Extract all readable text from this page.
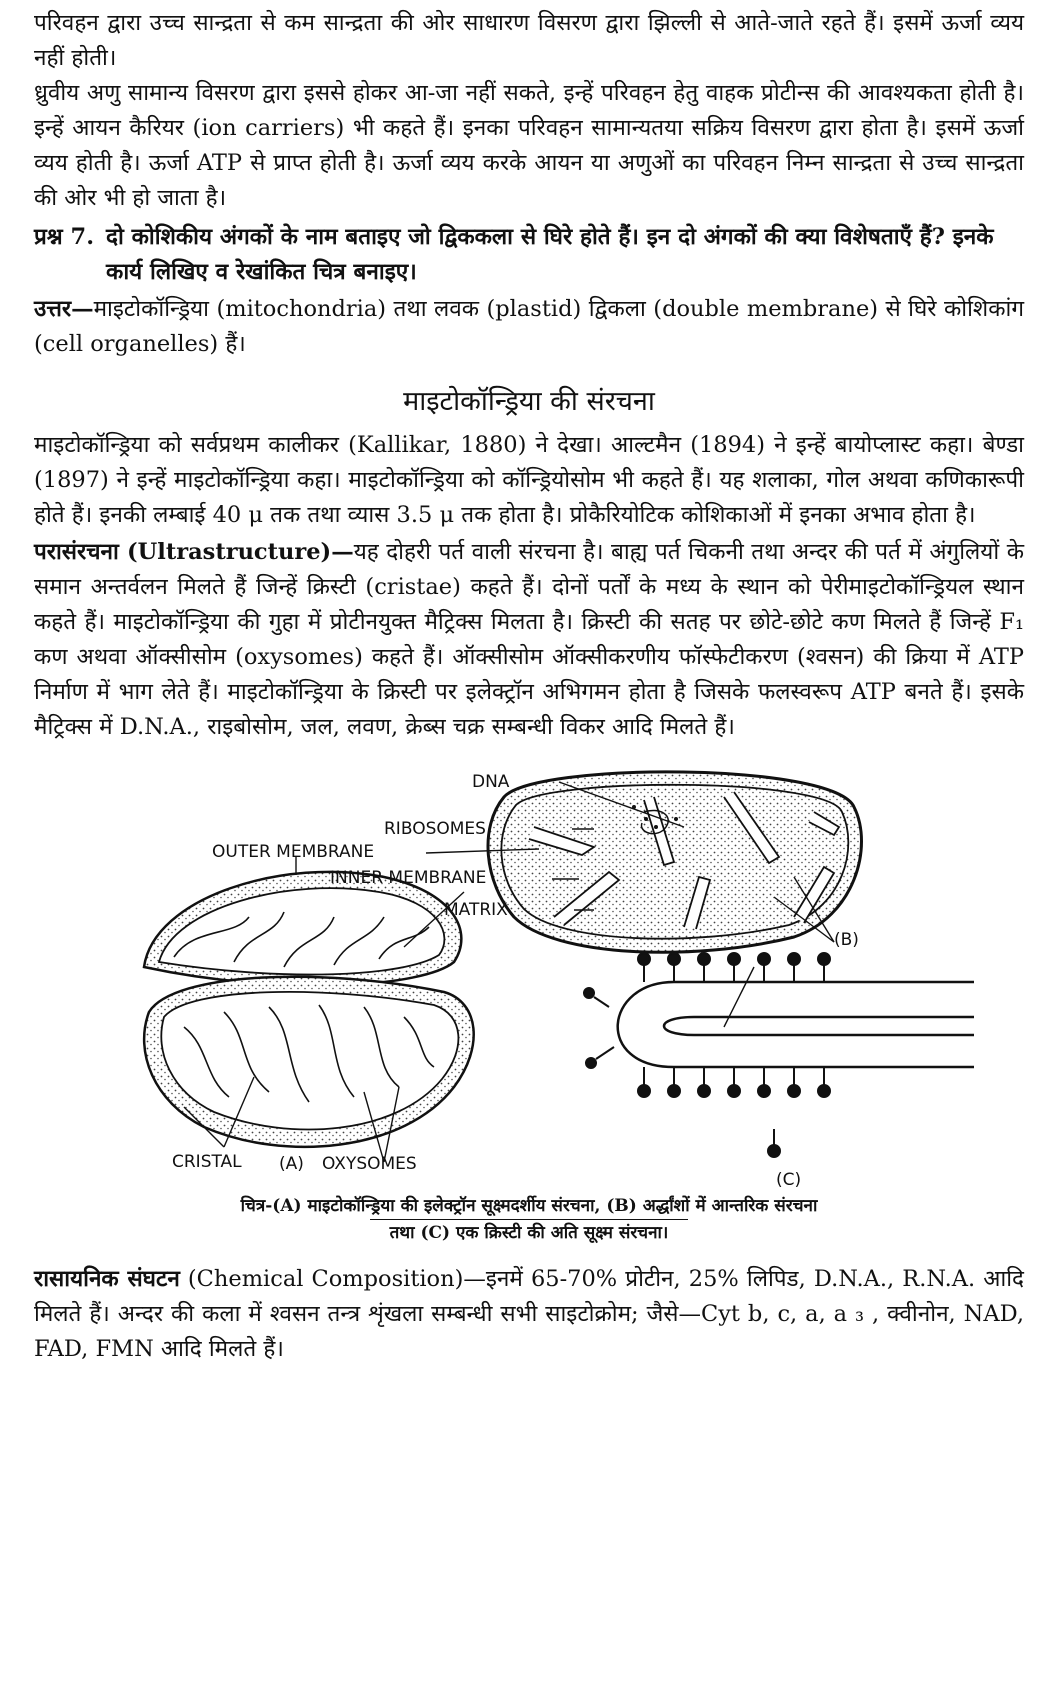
परिवहन द्वारा उच्च सान्द्रता से कम सान्द्रता की ओर साधारण विसरण द्वारा झिल्ली से आते-जाते रहते हैं। इसमें ऊर्जा व्यय नहीं होती।

ध्रुवीय अणु सामान्य विसरण द्वारा इससे होकर आ-जा नहीं सकते, इन्हें परिवहन हेतु वाहक प्रोटीन्स की आवश्यकता होती है। इन्हें आयन कैरियर (ion carriers) भी कहते हैं। इनका परिवहन सामान्यतया सक्रिय विसरण द्वारा होता है। इसमें ऊर्जा व्यय होती है। ऊर्जा ATP से प्राप्त होती है। ऊर्जा व्यय करके आयन या अणुओं का परिवहन निम्न सान्द्रता से उच्च सान्द्रता की ओर भी हो जाता है।

प्रश्न 7. दो कोशिकीय अंगकों के नाम बताइए जो द्विककला से घिरे होते हैं। इन दो अंगकों की क्या विशेषताएँ हैं? इनके कार्य लिखिए व रेखांकित चित्र बनाइए।

उत्तर—माइटोकॉन्ड्रिया (mitochondria) तथा लवक (plastid) द्विकला (double membrane) से घिरे कोशिकांग (cell organelles) हैं।

माइटोकॉन्ड्रिया की संरचना

माइटोकॉन्ड्रिया को सर्वप्रथम कालीकर (Kallikar, 1880) ने देखा। आल्टमैन (1894) ने इन्हें बायोप्लास्ट कहा। बेण्डा (1897) ने इन्हें माइटोकॉन्ड्रिया कहा। माइटोकॉन्ड्रिया को कॉन्ड्रियोसोम भी कहते हैं। यह शलाका, गोल अथवा कणिकारूपी होते हैं। इनकी लम्बाई 40 μ तक तथा व्यास 3.5 μ तक होता है। प्रोकैरियोटिक कोशिकाओं में इनका अभाव होता है।

परासंरचना (Ultrastructure)—यह दोहरी पर्त वाली संरचना है। बाह्य पर्त चिकनी तथा अन्दर की पर्त में अंगुलियों के समान अन्तर्वलन मिलते हैं जिन्हें क्रिस्टी (cristae) कहते हैं। दोनों पर्तों के मध्य के स्थान को पेरीमाइटोकॉन्ड्रियल स्थान कहते हैं। माइटोकॉन्ड्रिया की गुहा में प्रोटीनयुक्त मैट्रिक्स मिलता है। क्रिस्टी की सतह पर छोटे-छोटे कण मिलते हैं जिन्हें F₁ कण अथवा ऑक्सीसोम (oxysomes) कहते हैं। ऑक्सीसोम ऑक्सीकरणीय फॉस्फेटीकरण (श्वसन) की क्रिया में ATP निर्माण में भाग लेते हैं। माइटोकॉन्ड्रिया के क्रिस्टी पर इलेक्ट्रॉन अभिगमन होता है जिसके फलस्वरूप ATP बनते हैं। इसके मैट्रिक्स में D.N.A., राइबोसोम, जल, लवण, क्रेब्स चक्र सम्बन्धी विकर आदि मिलते हैं।

DNA
RIBOSOMES
OUTER MEMBRANE
INNER MEMBRANE
MATRIX
(B)
CRISTAL (A) OXYSOMES
(C)
चित्र-(A) माइटोकॉन्ड्रिया की इलेक्ट्रॉन सूक्ष्मदर्शीय संरचना, (B) अर्द्धांशों में आन्तरिक संरचना
तथा (C) एक क्रिस्टी की अति सूक्ष्म संरचना।

रासायनिक संघटन (Chemical Composition)—इनमें 65-70% प्रोटीन, 25% लिपिड, D.N.A., R.N.A. आदि मिलते हैं। अन्दर की कला में श्वसन तन्त्र शृंखला सम्बन्धी सभी साइटोक्रोम; जैसे—Cyt b, c, a, a ₃ , क्वीनोन, NAD, FAD, FMN आदि मिलते हैं।
